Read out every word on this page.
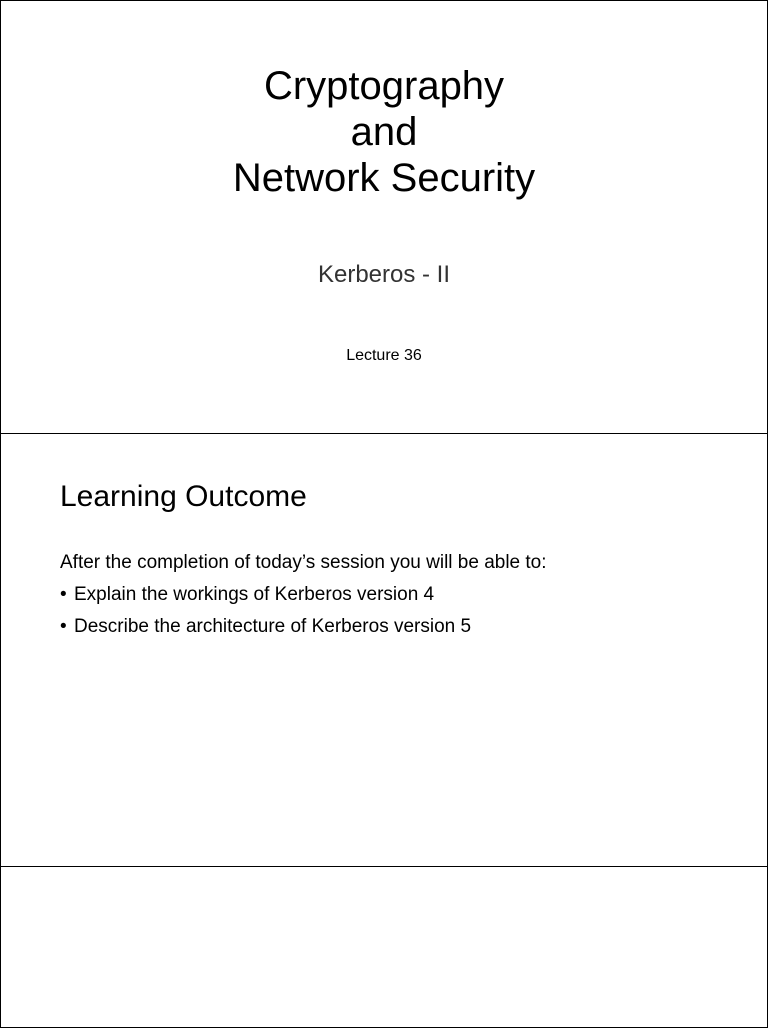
Cryptography
and
Network Security
Kerberos - II
Lecture 36
Learning Outcome

After the completion of today’s session you will be able to:

• Explain the workings of Kerberos version 4
• Describe the architecture of Kerberos version 5
